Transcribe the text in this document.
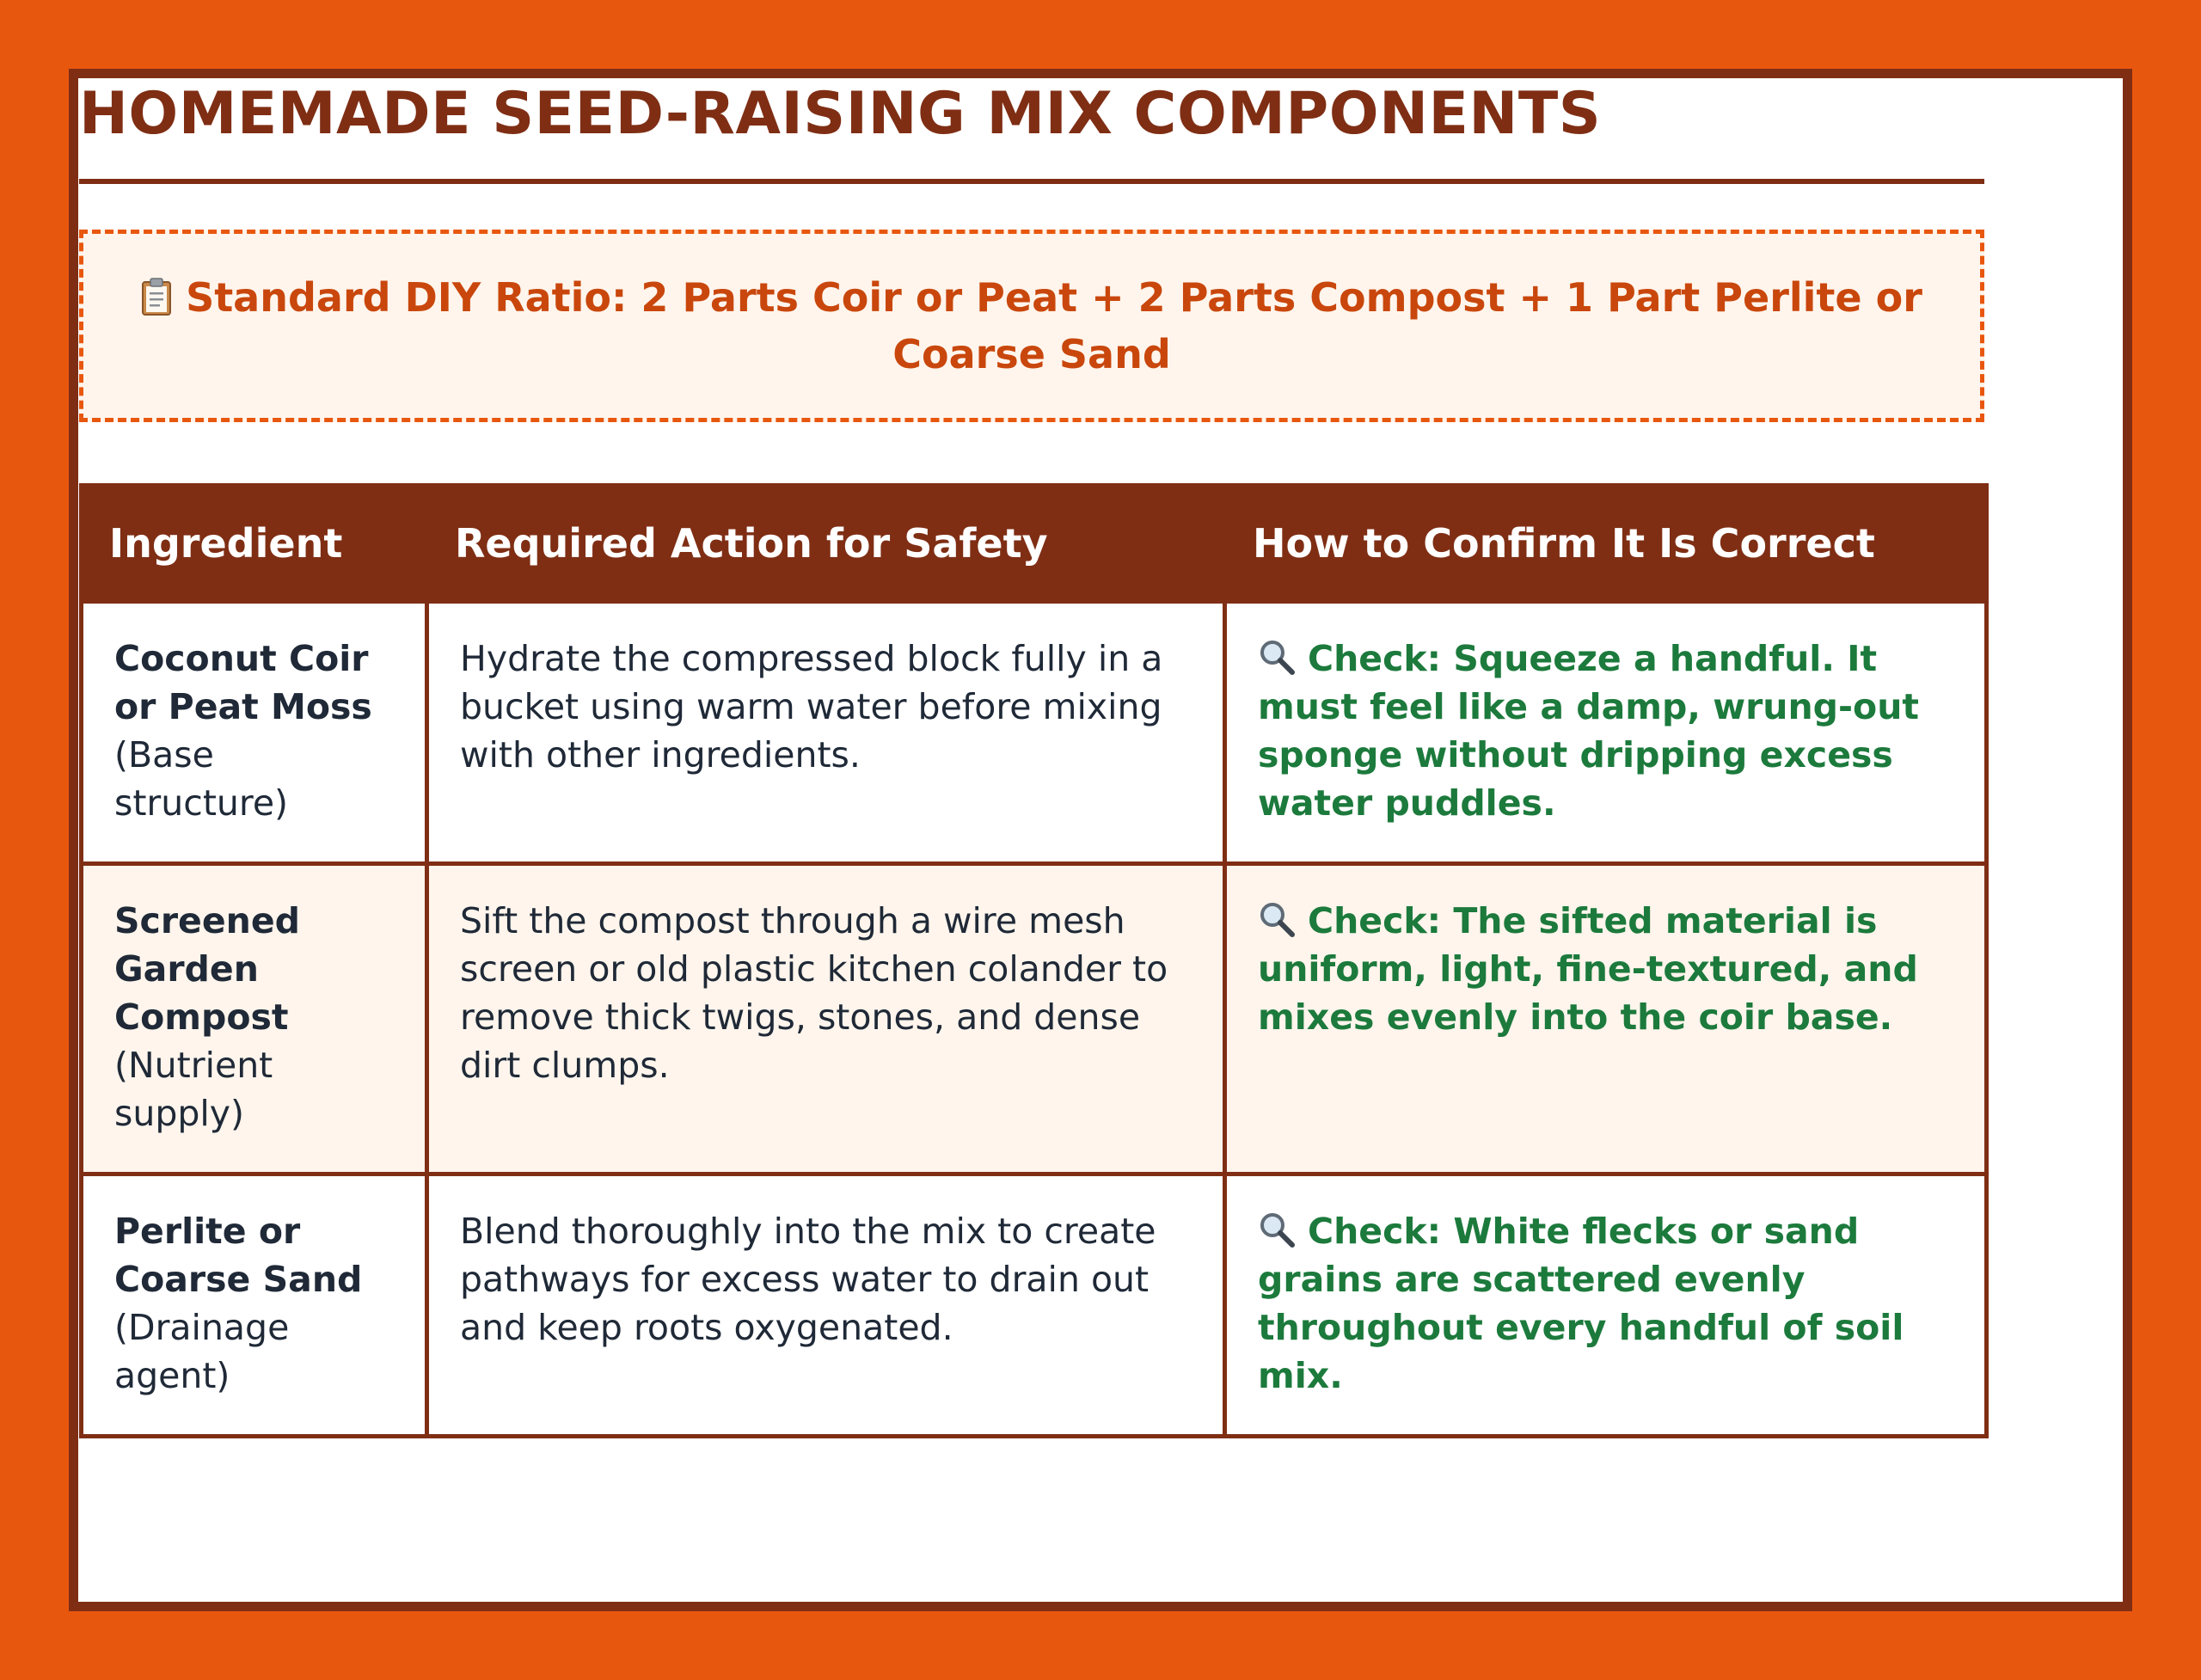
HOMEMADE SEED-RAISING MIX COMPONENTS
Standard DIY Ratio: 2 Parts Coir or Peat + 2 Parts Compost + 1 Part Perlite or Coarse Sand
Ingredient	Required Action for Safety	How to Confirm It Is Correct
Coconut Coir or Peat Moss
(Base structure)	Hydrate the compressed block fully in a bucket using warm water before mixing with other ingredients.	Check: Squeeze a handful. It must feel like a damp, wrung-out sponge without dripping excess water puddles.
Screened Garden Compost
(Nutrient supply)	Sift the compost through a wire mesh screen or old plastic kitchen colander to remove thick twigs, stones, and dense dirt clumps.	Check: The sifted material is uniform, light, fine-textured, and mixes evenly into the coir base.
Perlite or Coarse Sand
(Drainage agent)	Blend thoroughly into the mix to create pathways for excess water to drain out and keep roots oxygenated.	Check: White flecks or sand grains are scattered evenly throughout every handful of soil mix.
